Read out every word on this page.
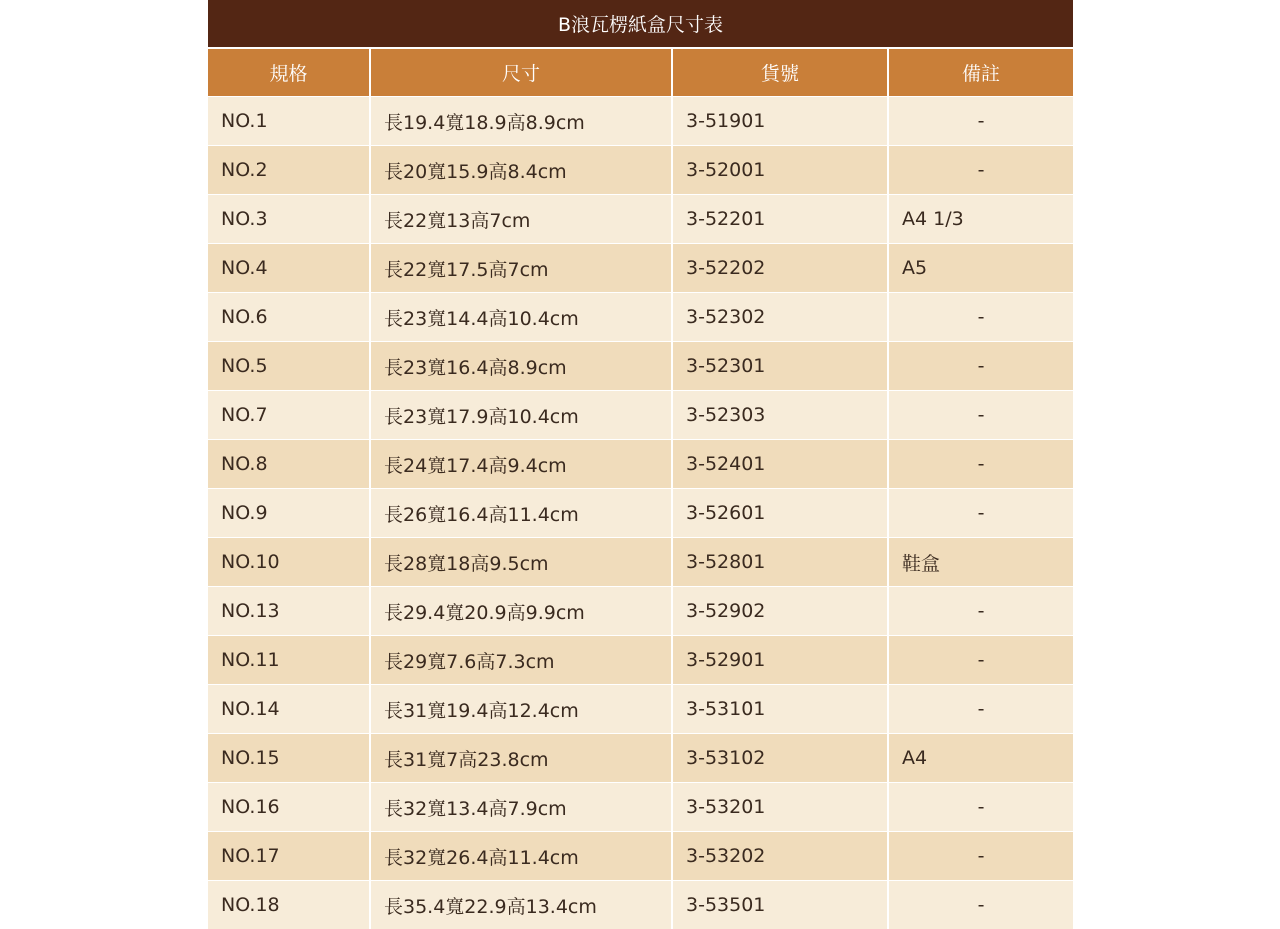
B浪瓦楞紙盒尺寸表
規格	尺寸	貨號	備註
NO.1	長19.4寬18.9高8.9cm	3-51901	-
NO.2	長20寬15.9高8.4cm	3-52001	-
NO.3	長22寬13高7cm	3-52201	A4 1/3
NO.4	長22寬17.5高7cm	3-52202	A5
NO.6	長23寬14.4高10.4cm	3-52302	-
NO.5	長23寬16.4高8.9cm	3-52301	-
NO.7	長23寬17.9高10.4cm	3-52303	-
NO.8	長24寬17.4高9.4cm	3-52401	-
NO.9	長26寬16.4高11.4cm	3-52601	-
NO.10	長28寬18高9.5cm	3-52801	鞋盒
NO.13	長29.4寬20.9高9.9cm	3-52902	-
NO.11	長29寬7.6高7.3cm	3-52901	-
NO.14	長31寬19.4高12.4cm	3-53101	-
NO.15	長31寬7高23.8cm	3-53102	A4
NO.16	長32寬13.4高7.9cm	3-53201	-
NO.17	長32寬26.4高11.4cm	3-53202	-
NO.18	長35.4寬22.9高13.4cm	3-53501	-
